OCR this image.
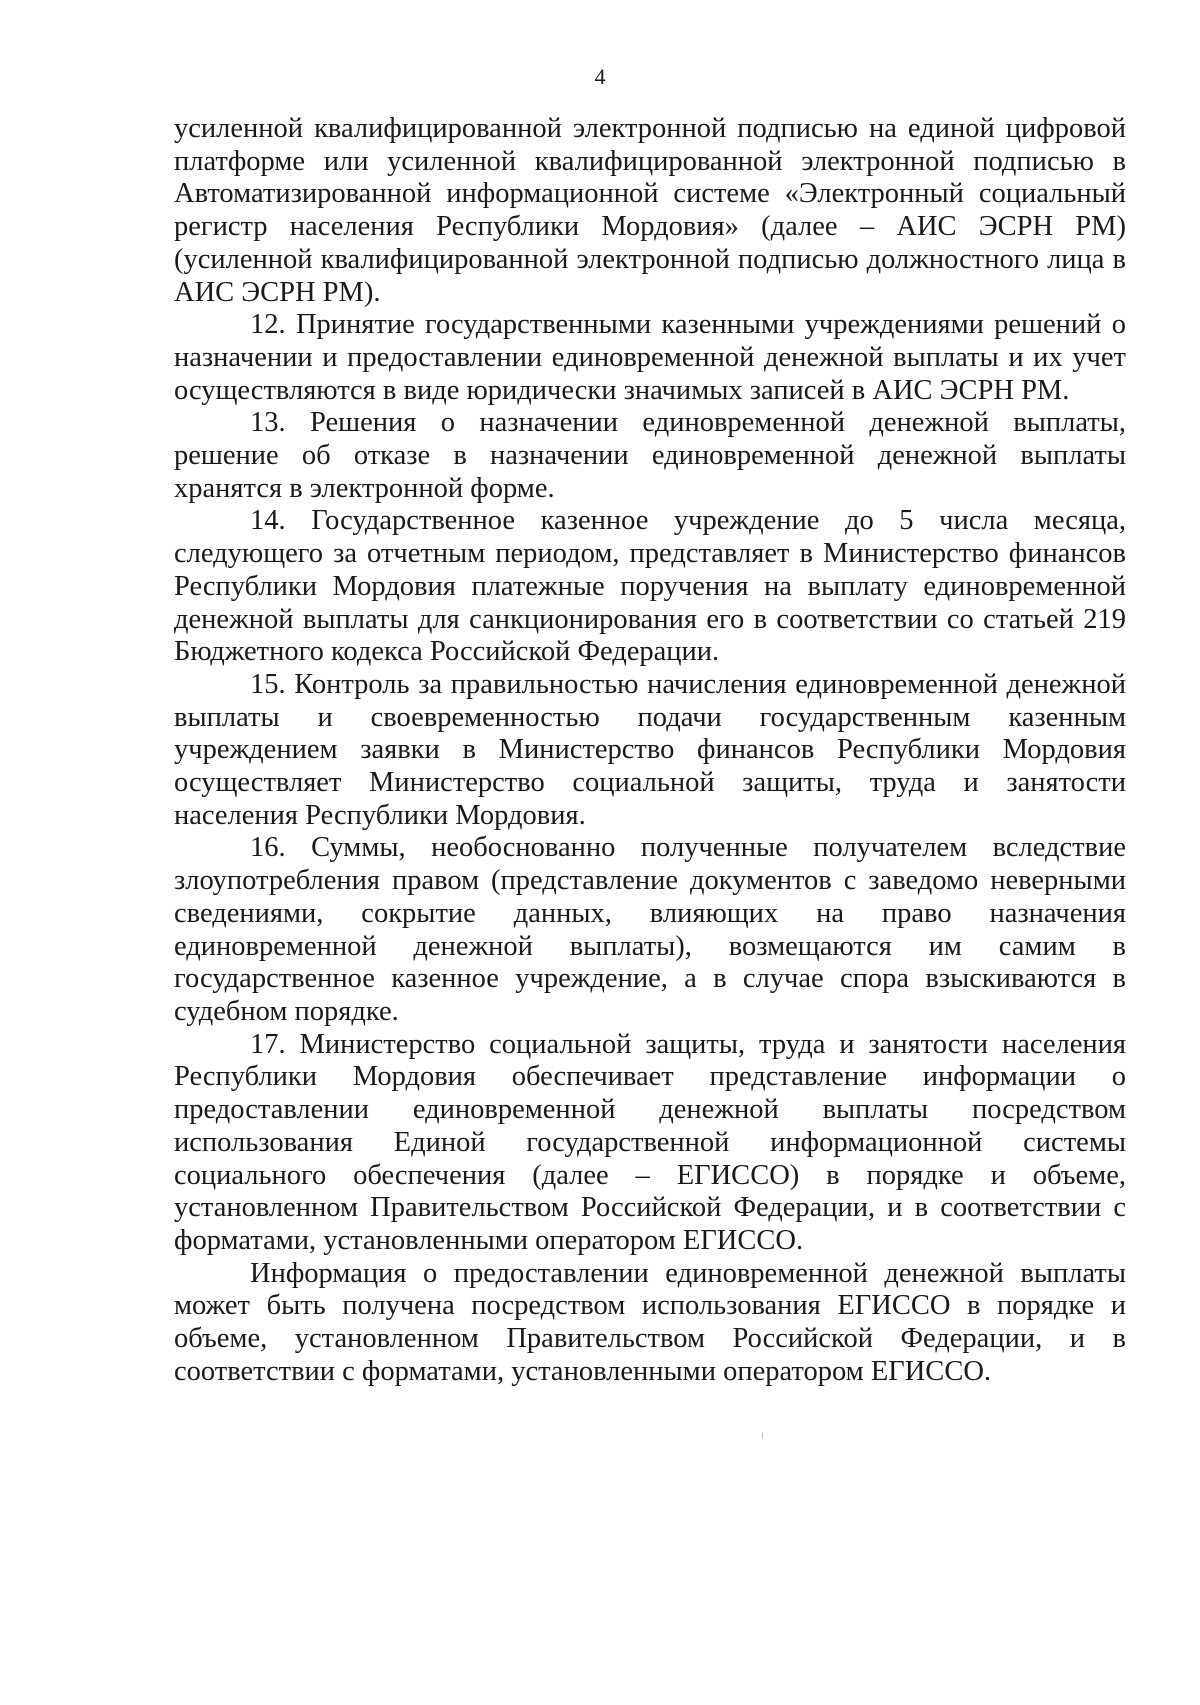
4

усиленной квалифицированной электронной подписью на единой цифровой платформе или усиленной квалифицированной электронной подписью в Автоматизированной информационной системе «Электронный социальный регистр населения Республики Мордовия» (далее – АИС ЭСРН РМ) (усиленной квалифицированной электронной подписью должностного лица в АИС ЭСРН РМ).

12. Принятие государственными казенными учреждениями решений о назначении и предоставлении единовременной денежной выплаты и их учет осуществляются в виде юридически значимых записей в АИС ЭСРН РМ.

13. Решения о назначении единовременной денежной выплаты, решение об отказе в назначении единовременной денежной выплаты хранятся в электронной форме.

14. Государственное казенное учреждение до 5 числа месяца, следующего за отчетным периодом, представляет в Министерство финансов Республики Мордовия платежные поручения на выплату единовременной денежной выплаты для санкционирования его в соответствии со статьей 219 Бюджетного кодекса Российской Федерации.

15. Контроль за правильностью начисления единовременной денежной выплаты и своевременностью подачи государственным казенным учреждением заявки в Министерство финансов Республики Мордовия осуществляет Министерство социальной защиты, труда и занятости населения Республики Мордовия.

16. Суммы, необоснованно полученные получателем вследствие злоупотребления правом (представление документов с заведомо неверными сведениями, сокрытие данных, влияющих на право назначения единовременной денежной выплаты), возмещаются им самим в государственное казенное учреждение, а в случае спора взыскиваются в судебном порядке.

17. Министерство социальной защиты, труда и занятости населения Республики Мордовия обеспечивает представление информации о предоставлении единовременной денежной выплаты посредством использования Единой государственной информационной системы социального обеспечения (далее – ЕГИССО) в порядке и объеме, установленном Правительством Российской Федерации, и в соответствии с форматами, установленными оператором ЕГИССО.

Информация о предоставлении единовременной денежной выплаты может быть получена посредством использования ЕГИССО в порядке и объеме, установленном Правительством Российской Федерации, и в соответствии с форматами, установленными оператором ЕГИССО.
